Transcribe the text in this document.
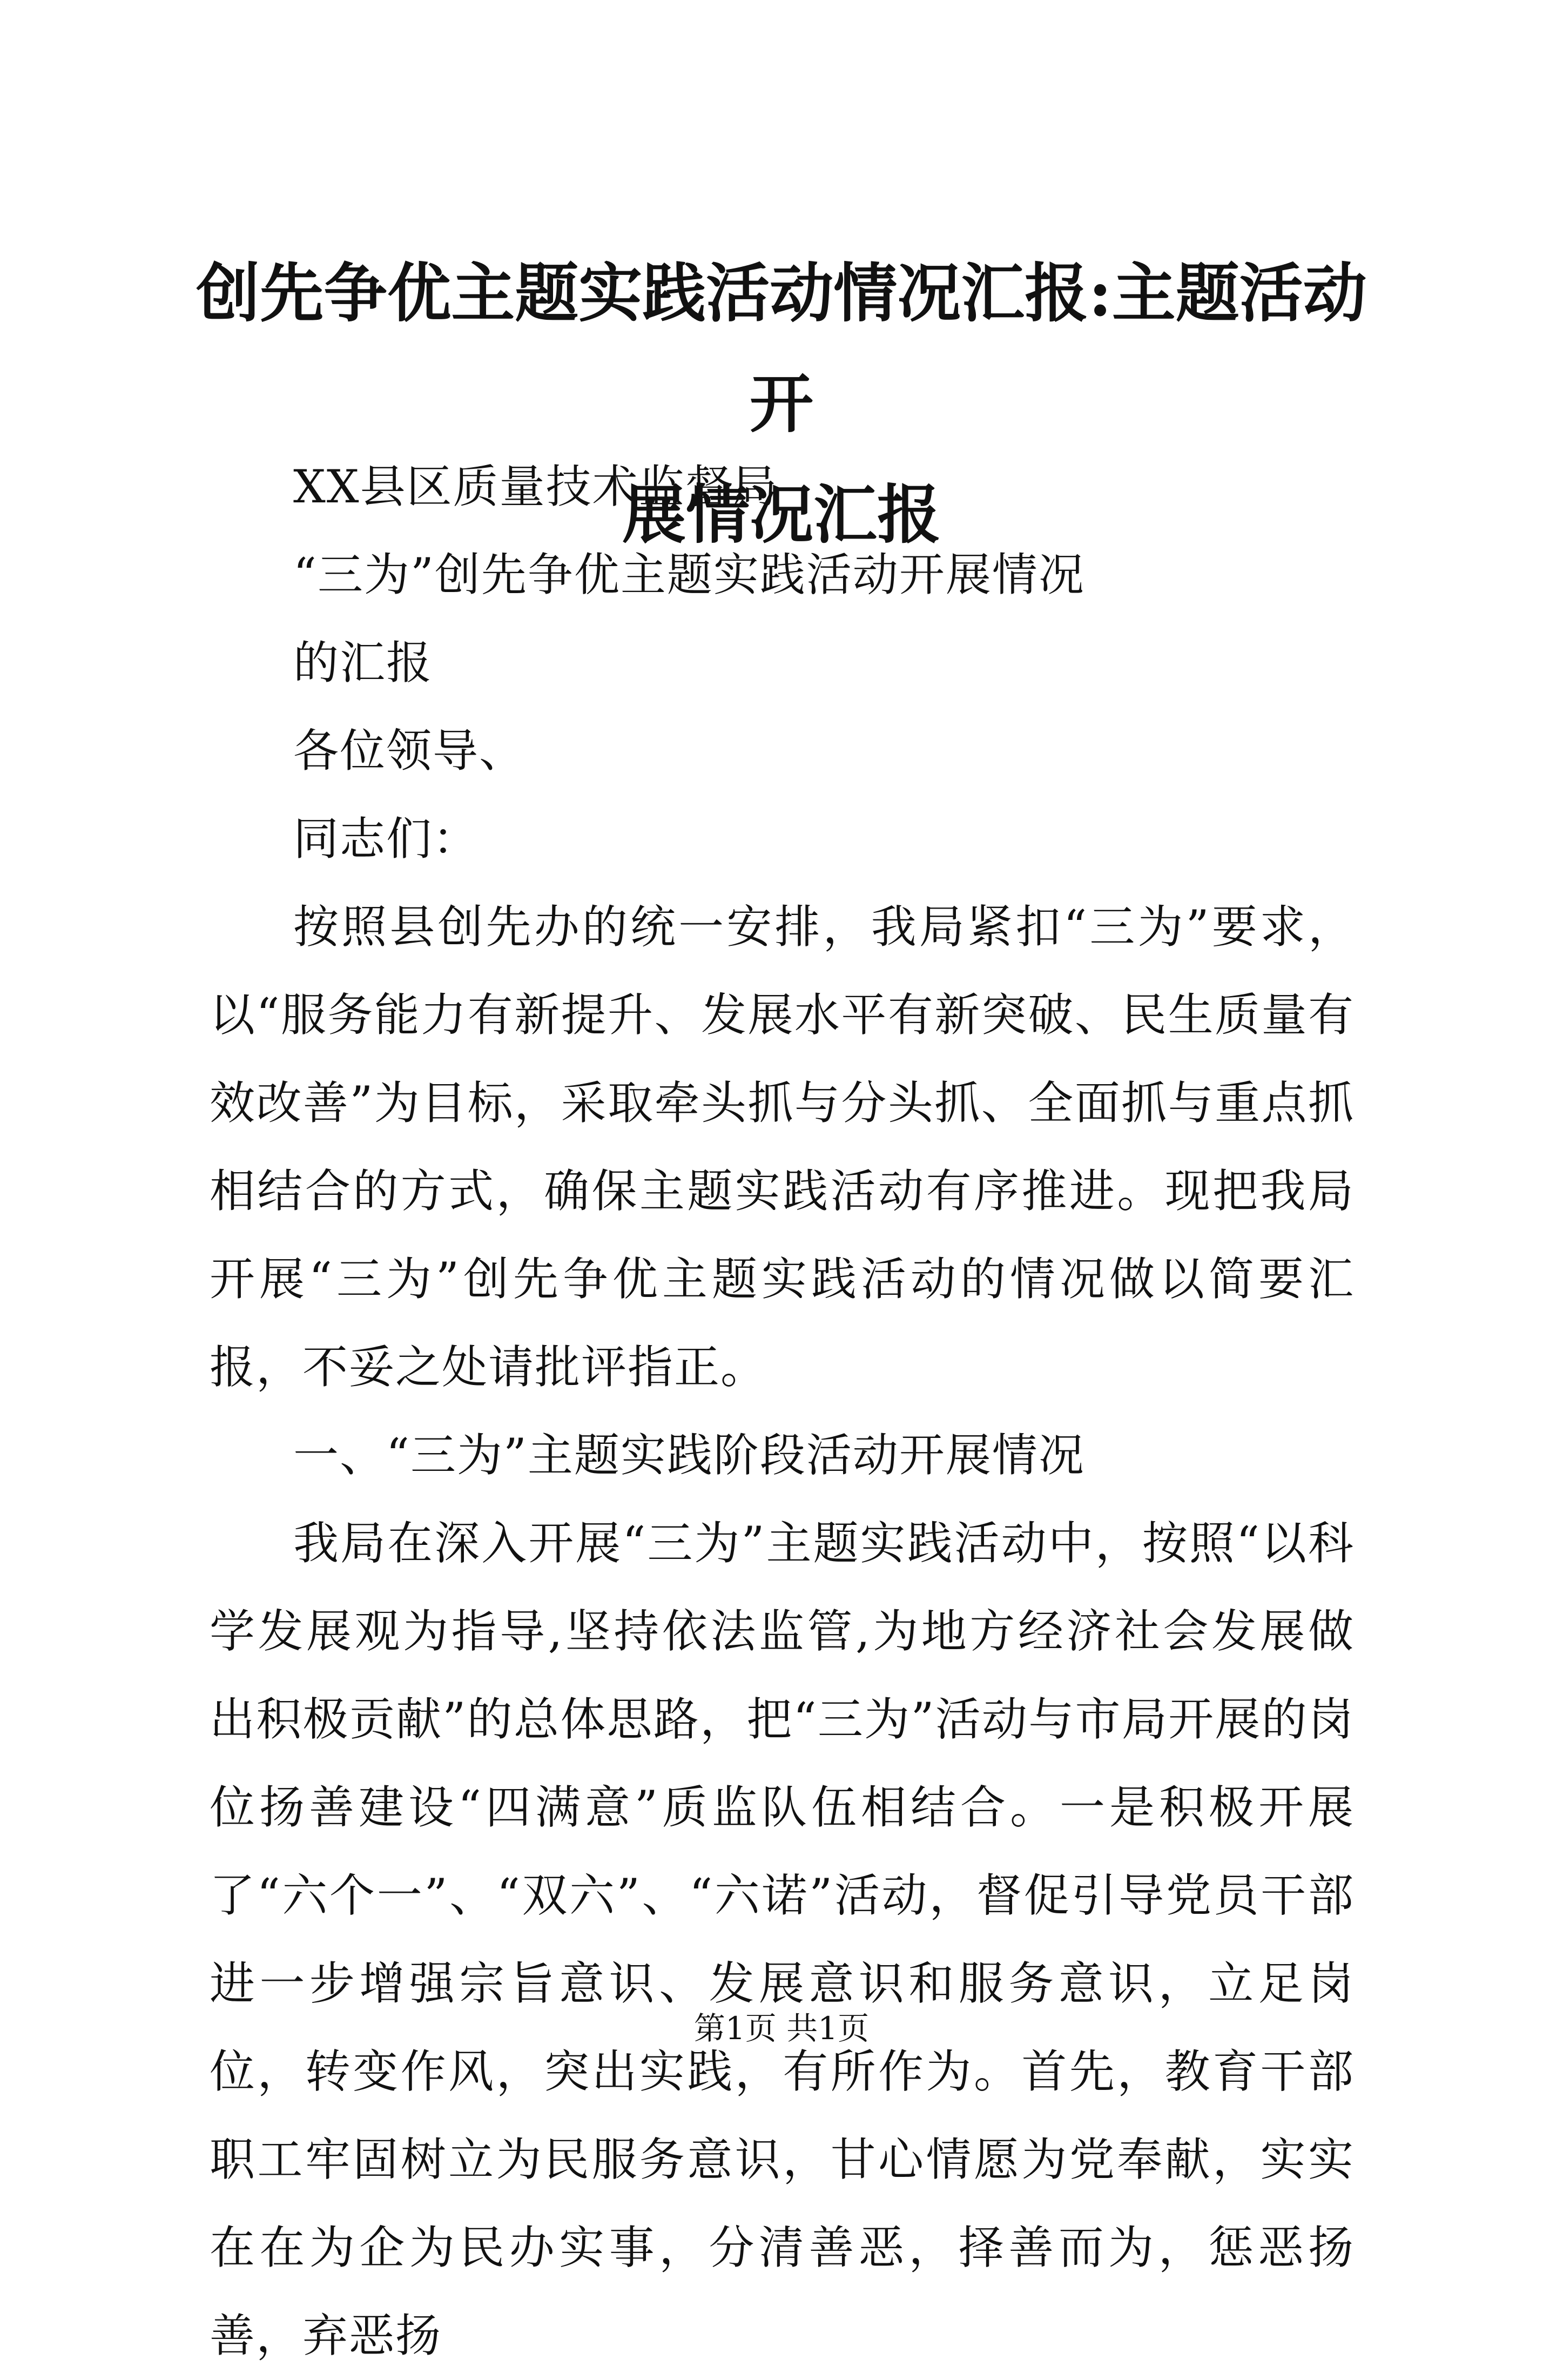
创先争优主题实践活动情况汇报:主题活动开
展情况汇报

XX县区质量技术监督局

“三为”创先争优主题实践活动开展情况

的汇报

各位领导、

同志们：

按照县创先办的统一安排，我局紧扣“三为”要求，以“服务能力有新提升、发展水平有新突破、民生质量有效改善”为目标，采取牵头抓与分头抓、全面抓与重点抓相结合的方式，确保主题实践活动有序推进。现把我局开展“三为”创先争优主题实践活动的情况做以简要汇报，不妥之处请批评指正。

一、“三为”主题实践阶段活动开展情况

我局在深入开展“三为”主题实践活动中，按照“以科学发展观为指导,坚持依法监管,为地方经济社会发展做出积极贡献”的总体思路，把“三为”活动与市局开展的岗位扬善建设“四满意”质监队伍相结合。一是积极开展了“六个一”、“双六”、“六诺”活动，督促引导党员干部进一步增强宗旨意识、发展意识和服务意识，立足岗位，转变作风，突出实践，有所作为。首先，教育干部职工牢固树立为民服务意识，甘心情愿为党奉献，实实在在为企为民办实事，分清善恶，择善而为，惩恶扬善，弃恶扬

第1页 共1页
